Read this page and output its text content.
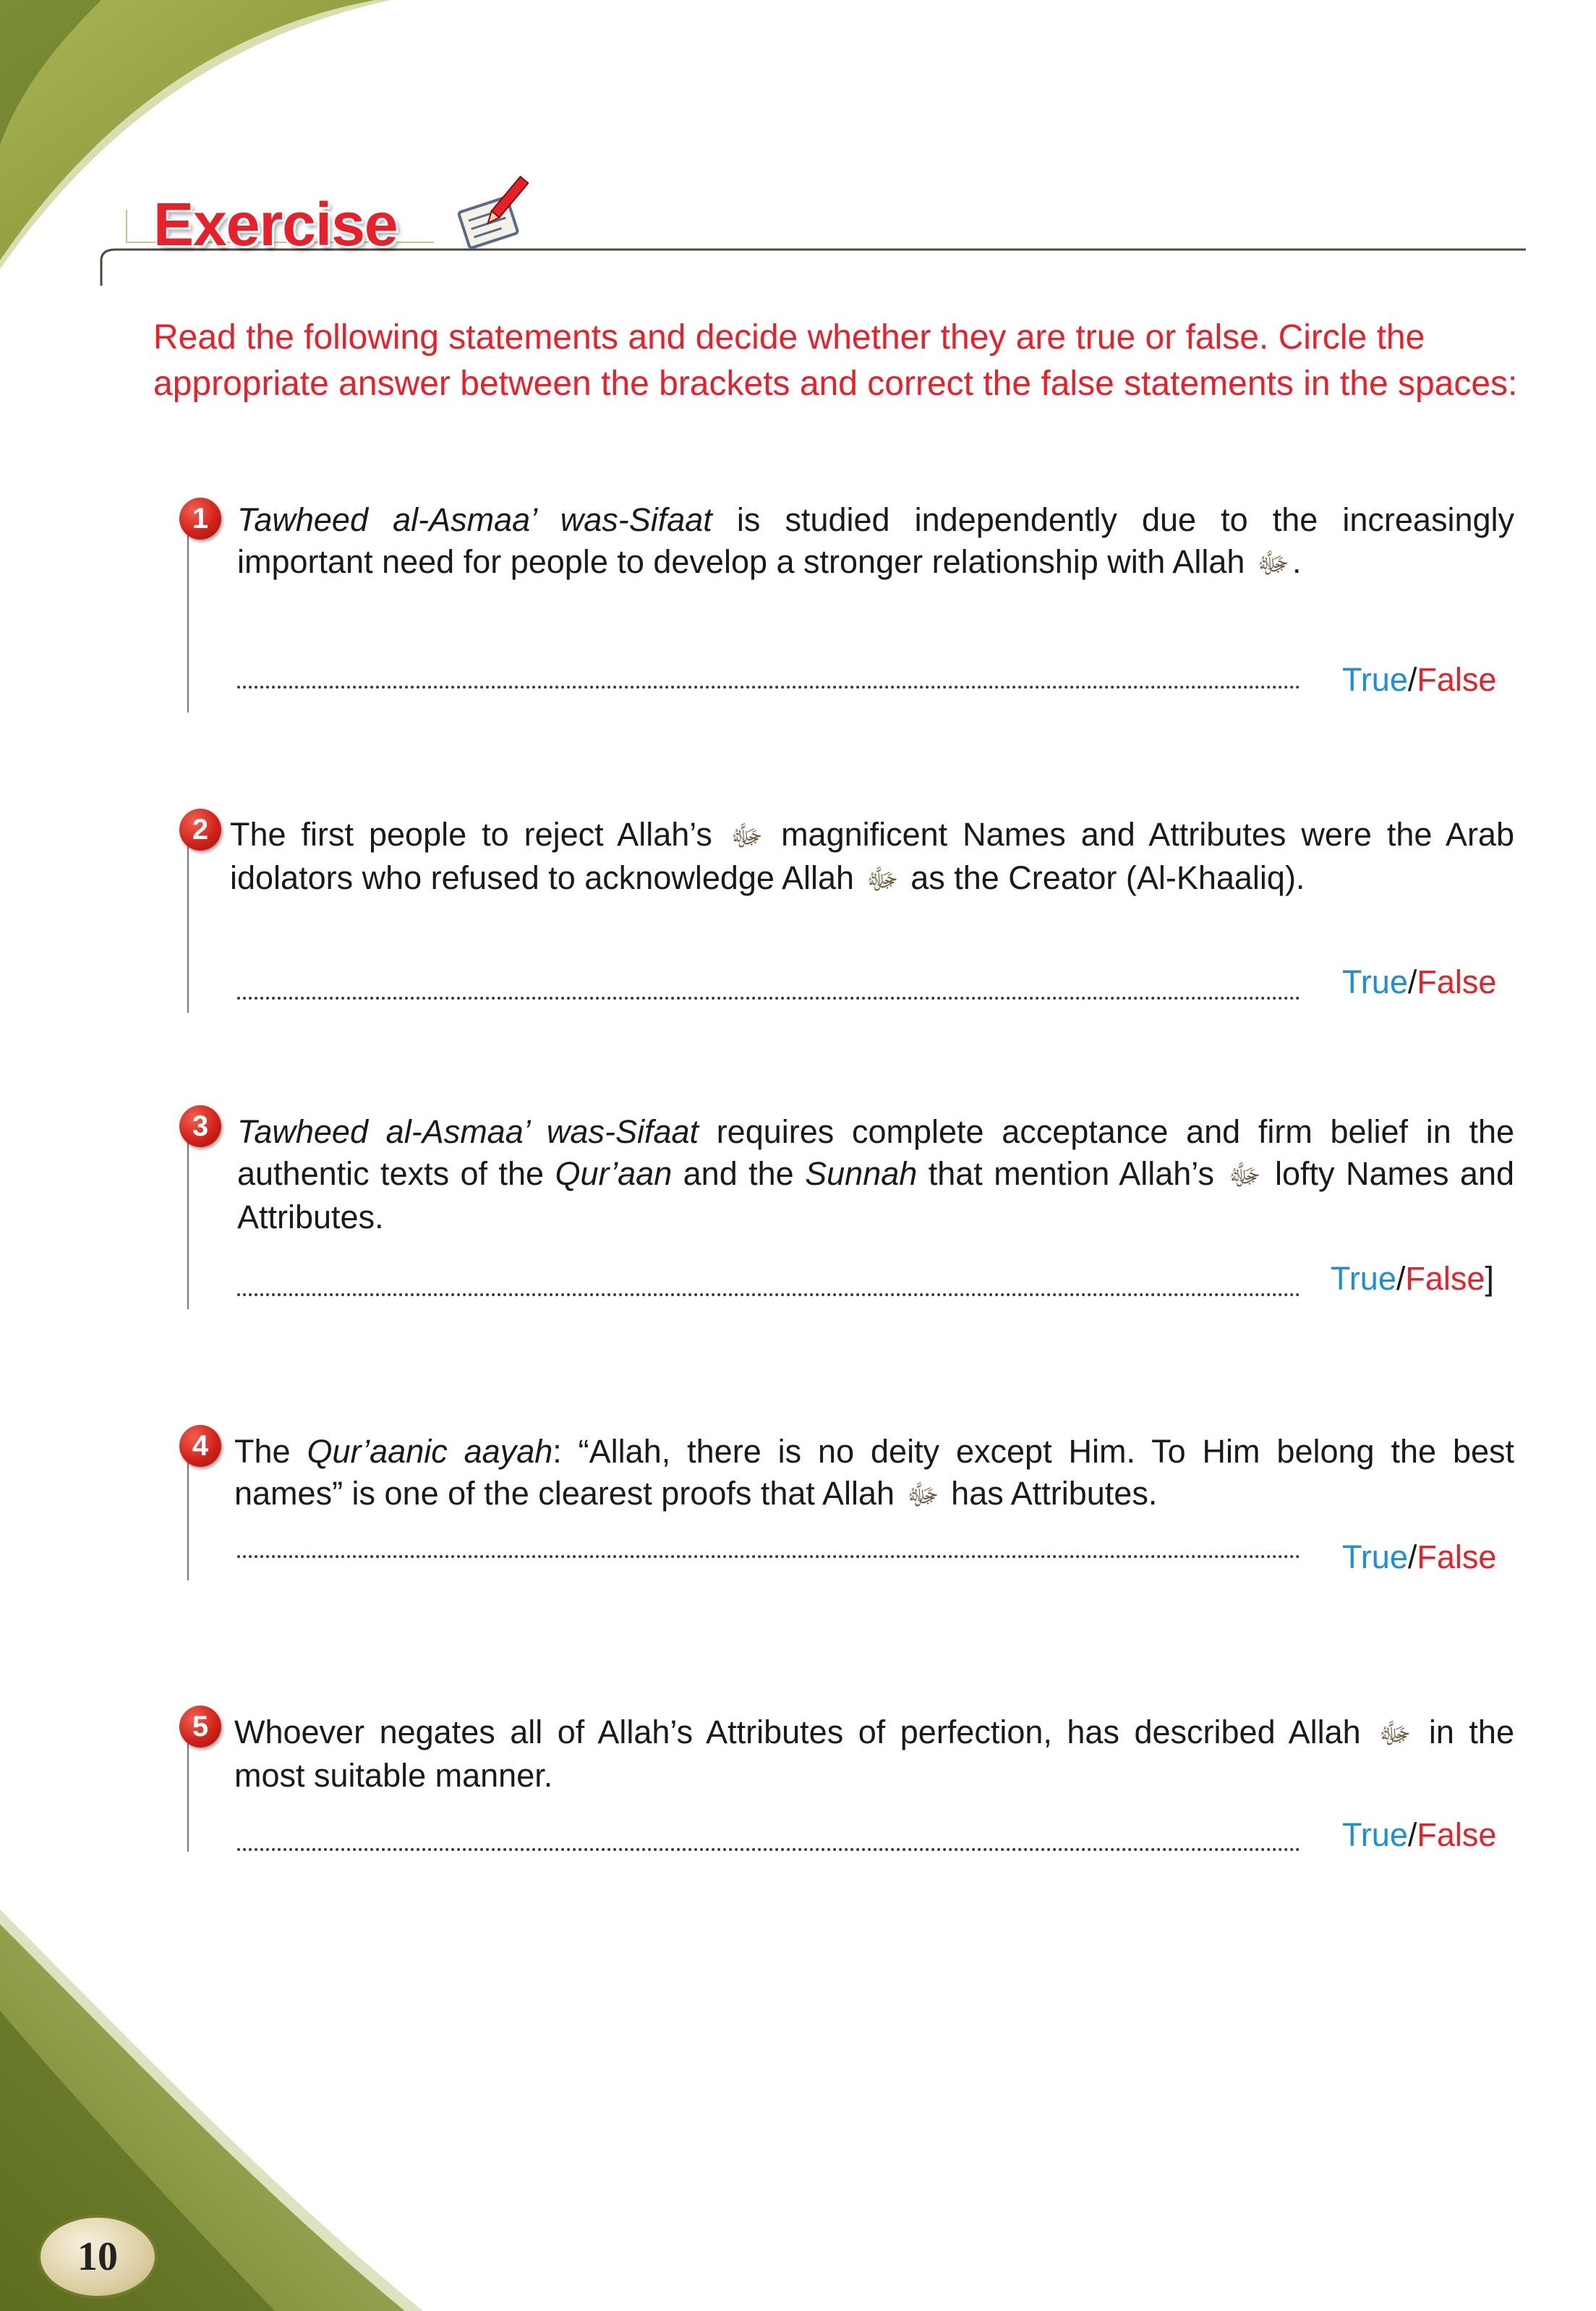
Exercise

Read the following statements and decide whether they are true or false. Circle the appropriate answer between the brackets and correct the false statements in the spaces:

1 Tawheed al-Asmaa’ was-Sifaat is studied independently due to the increasingly important need for people to develop a stronger relationship with Allah ﷻ.

True/False
2 The first people to reject Allah’s ﷻ magnificent Names and Attributes were the Arab idolators who refused to acknowledge Allah ﷻ as the Creator (Al-Khaaliq).

True/False
3 Tawheed al-Asmaa’ was-Sifaat requires complete acceptance and firm belief in the authentic texts of the Qur’aan and the Sunnah that mention Allah’s ﷻ lofty Names and Attributes.

True/False]
4 The Qur’aanic aayah: “Allah, there is no deity except Him. To Him belong the best names” is one of the clearest proofs that Allah ﷻ has Attributes.

True/False
5 Whoever negates all of Allah’s Attributes of perfection, has described Allah ﷻ in the most suitable manner.

True/False
10
